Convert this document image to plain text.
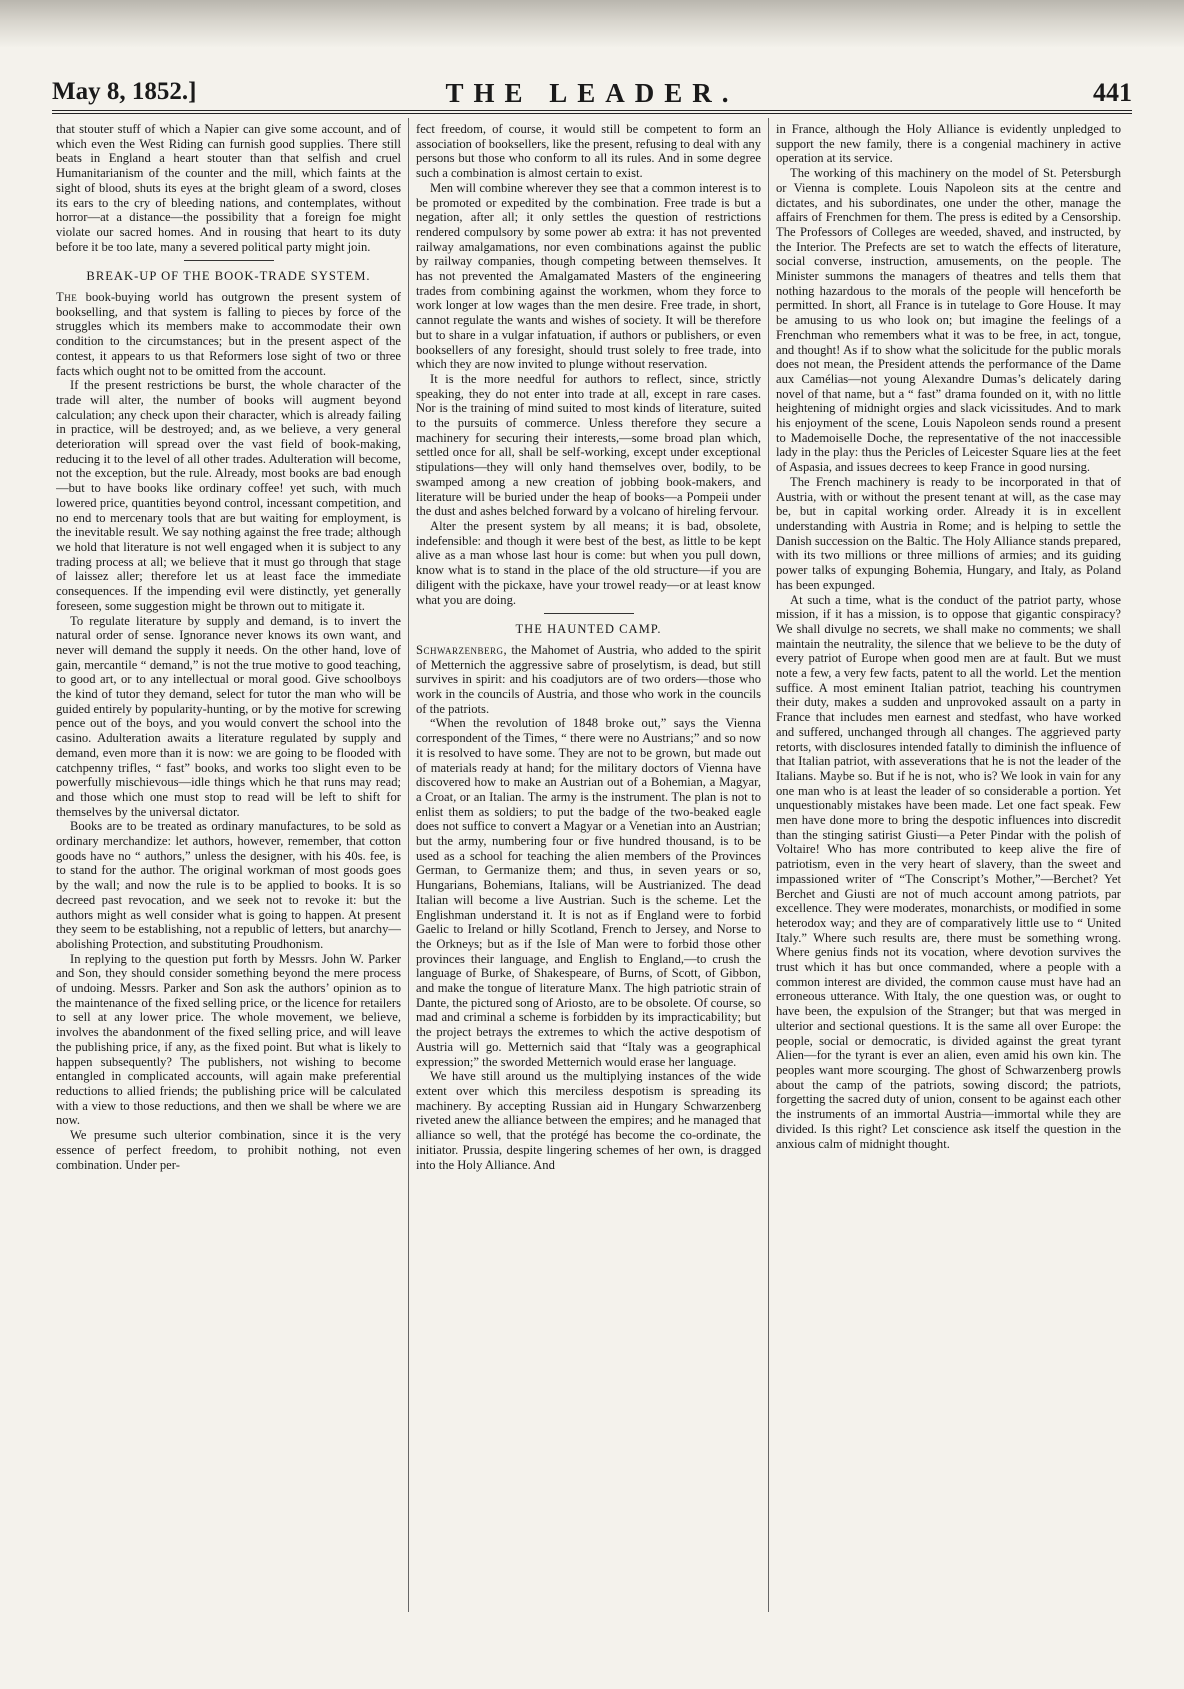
May 8, 1852.]	THE LEADER.	441

that stouter stuff of which a Napier can give some account, and of which even the West Riding can furnish good supplies. There still beats in England a heart stouter than that selfish and cruel Humanitarianism of the counter and the mill, which faints at the sight of blood, shuts its eyes at the bright gleam of a sword, closes its ears to the cry of bleeding nations, and contemplates, without horror—at a distance—the possibility that a foreign foe might violate our sacred homes. And in rousing that heart to its duty before it be too late, many a severed political party might join.

BREAK-UP OF THE BOOK-TRADE SYSTEM.

The book-buying world has outgrown the present system of bookselling, and that system is falling to pieces by force of the struggles which its members make to accommodate their own condition to the circumstances; but in the present aspect of the contest, it appears to us that Reformers lose sight of two or three facts which ought not to be omitted from the account.

If the present restrictions be burst, the whole character of the trade will alter, the number of books will augment beyond calculation; any check upon their character, which is already failing in practice, will be destroyed; and, as we believe, a very general deterioration will spread over the vast field of book-making, reducing it to the level of all other trades. Adulteration will become, not the exception, but the rule. Already, most books are bad enough—but to have books like ordinary coffee! yet such, with much lowered price, quantities beyond control, incessant competition, and no end to mercenary tools that are but waiting for employment, is the inevitable result. We say nothing against the free trade; although we hold that literature is not well engaged when it is subject to any trading process at all; we believe that it must go through that stage of laissez aller; therefore let us at least face the immediate consequences. If the impending evil were distinctly, yet generally foreseen, some suggestion might be thrown out to mitigate it.

To regulate literature by supply and demand, is to invert the natural order of sense. Ignorance never knows its own want, and never will demand the supply it needs. On the other hand, love of gain, mercantile “ demand,” is not the true motive to good teaching, to good art, or to any intellectual or moral good. Give schoolboys the kind of tutor they demand, select for tutor the man who will be guided entirely by popularity-hunting, or by the motive for screwing pence out of the boys, and you would convert the school into the casino. Adulteration awaits a literature regulated by supply and demand, even more than it is now: we are going to be flooded with catchpenny trifles, “ fast” books, and works too slight even to be powerfully mischievous—idle things which he that runs may read; and those which one must stop to read will be left to shift for themselves by the universal dictator.

Books are to be treated as ordinary manufactures, to be sold as ordinary merchandize: let authors, however, remember, that cotton goods have no “ authors,” unless the designer, with his 40s. fee, is to stand for the author. The original workman of most goods goes by the wall; and now the rule is to be applied to books. It is so decreed past revocation, and we seek not to revoke it: but the authors might as well consider what is going to happen. At present they seem to be establishing, not a republic of letters, but anarchy—abolishing Protection, and substituting Proudhonism.

In replying to the question put forth by Messrs. John W. Parker and Son, they should consider something beyond the mere process of undoing. Messrs. Parker and Son ask the authors’ opinion as to the maintenance of the fixed selling price, or the licence for retailers to sell at any lower price. The whole movement, we believe, involves the abandonment of the fixed selling price, and will leave the publishing price, if any, as the fixed point. But what is likely to happen subsequently? The publishers, not wishing to become entangled in complicated accounts, will again make preferential reductions to allied friends; the publishing price will be calculated with a view to those reductions, and then we shall be where we are now.

We presume such ulterior combination, since it is the very essence of perfect freedom, to prohibit nothing, not even combination. Under per-

fect freedom, of course, it would still be competent to form an association of booksellers, like the present, refusing to deal with any persons but those who conform to all its rules. And in some degree such a combination is almost certain to exist.

Men will combine wherever they see that a common interest is to be promoted or expedited by the combination. Free trade is but a negation, after all; it only settles the question of restrictions rendered compulsory by some power ab extra: it has not prevented railway amalgamations, nor even combinations against the public by railway companies, though competing between themselves. It has not prevented the Amalgamated Masters of the engineering trades from combining against the workmen, whom they force to work longer at low wages than the men desire. Free trade, in short, cannot regulate the wants and wishes of society. It will be therefore but to share in a vulgar infatuation, if authors or publishers, or even booksellers of any foresight, should trust solely to free trade, into which they are now invited to plunge without reservation.

It is the more needful for authors to reflect, since, strictly speaking, they do not enter into trade at all, except in rare cases. Nor is the training of mind suited to most kinds of literature, suited to the pursuits of commerce. Unless therefore they secure a machinery for securing their interests,—some broad plan which, settled once for all, shall be self-working, except under exceptional stipulations—they will only hand themselves over, bodily, to be swamped among a new creation of jobbing book-makers, and literature will be buried under the heap of books—a Pompeii under the dust and ashes belched forward by a volcano of hireling fervour.

Alter the present system by all means; it is bad, obsolete, indefensible: and though it were best of the best, as little to be kept alive as a man whose last hour is come: but when you pull down, know what is to stand in the place of the old structure—if you are diligent with the pickaxe, have your trowel ready—or at least know what you are doing.

THE HAUNTED CAMP.

Schwarzenberg, the Mahomet of Austria, who added to the spirit of Metternich the aggressive sabre of proselytism, is dead, but still survives in spirit: and his coadjutors are of two orders—those who work in the councils of Austria, and those who work in the councils of the patriots.

“When the revolution of 1848 broke out,” says the Vienna correspondent of the Times, “ there were no Austrians;” and so now it is resolved to have some. They are not to be grown, but made out of materials ready at hand; for the military doctors of Vienna have discovered how to make an Austrian out of a Bohemian, a Magyar, a Croat, or an Italian. The army is the instrument. The plan is not to enlist them as soldiers; to put the badge of the two-beaked eagle does not suffice to convert a Magyar or a Venetian into an Austrian; but the army, numbering four or five hundred thousand, is to be used as a school for teaching the alien members of the Provinces German, to Germanize them; and thus, in seven years or so, Hungarians, Bohemians, Italians, will be Austrianized. The dead Italian will become a live Austrian. Such is the scheme. Let the Englishman understand it. It is not as if England were to forbid Gaelic to Ireland or hilly Scotland, French to Jersey, and Norse to the Orkneys; but as if the Isle of Man were to forbid those other provinces their language, and English to England,—to crush the language of Burke, of Shakespeare, of Burns, of Scott, of Gibbon, and make the tongue of literature Manx. The high patriotic strain of Dante, the pictured song of Ariosto, are to be obsolete. Of course, so mad and criminal a scheme is forbidden by its impracticability; but the project betrays the extremes to which the active despotism of Austria will go. Metternich said that “Italy was a geographical expression;” the sworded Metternich would erase her language.

We have still around us the multiplying instances of the wide extent over which this merciless despotism is spreading its machinery. By accepting Russian aid in Hungary Schwarzenberg riveted anew the alliance between the empires; and he managed that alliance so well, that the protégé has become the co-ordinate, the initiator. Prussia, despite lingering schemes of her own, is dragged into the Holy Alliance. And

in France, although the Holy Alliance is evidently unpledged to support the new family, there is a congenial machinery in active operation at its service.

The working of this machinery on the model of St. Petersburgh or Vienna is complete. Louis Napoleon sits at the centre and dictates, and his subordinates, one under the other, manage the affairs of Frenchmen for them. The press is edited by a Censorship. The Professors of Colleges are weeded, shaved, and instructed, by the Interior. The Prefects are set to watch the effects of literature, social converse, instruction, amusements, on the people. The Minister summons the managers of theatres and tells them that nothing hazardous to the morals of the people will henceforth be permitted. In short, all France is in tutelage to Gore House. It may be amusing to us who look on; but imagine the feelings of a Frenchman who remembers what it was to be free, in act, tongue, and thought! As if to show what the solicitude for the public morals does not mean, the President attends the performance of the Dame aux Camélias—not young Alexandre Dumas’s delicately daring novel of that name, but a “ fast” drama founded on it, with no little heightening of midnight orgies and slack vicissitudes. And to mark his enjoyment of the scene, Louis Napoleon sends round a present to Mademoiselle Doche, the representative of the not inaccessible lady in the play: thus the Pericles of Leicester Square lies at the feet of Aspasia, and issues decrees to keep France in good nursing.

The French machinery is ready to be incorporated in that of Austria, with or without the present tenant at will, as the case may be, but in capital working order. Already it is in excellent understanding with Austria in Rome; and is helping to settle the Danish succession on the Baltic. The Holy Alliance stands prepared, with its two millions or three millions of armies; and its guiding power talks of expunging Bohemia, Hungary, and Italy, as Poland has been expunged.

At such a time, what is the conduct of the patriot party, whose mission, if it has a mission, is to oppose that gigantic conspiracy? We shall divulge no secrets, we shall make no comments; we shall maintain the neutrality, the silence that we believe to be the duty of every patriot of Europe when good men are at fault. But we must note a few, a very few facts, patent to all the world. Let the mention suffice. A most eminent Italian patriot, teaching his countrymen their duty, makes a sudden and unprovoked assault on a party in France that includes men earnest and stedfast, who have worked and suffered, unchanged through all changes. The aggrieved party retorts, with disclosures intended fatally to diminish the influence of that Italian patriot, with asseverations that he is not the leader of the Italians. Maybe so. But if he is not, who is? We look in vain for any one man who is at least the leader of so considerable a portion. Yet unquestionably mistakes have been made. Let one fact speak. Few men have done more to bring the despotic influences into discredit than the stinging satirist Giusti—a Peter Pindar with the polish of Voltaire! Who has more contributed to keep alive the fire of patriotism, even in the very heart of slavery, than the sweet and impassioned writer of “The Conscript’s Mother,”—Berchet? Yet Berchet and Giusti are not of much account among patriots, par excellence. They were moderates, monarchists, or modified in some heterodox way; and they are of comparatively little use to “ United Italy.” Where such results are, there must be something wrong. Where genius finds not its vocation, where devotion survives the trust which it has but once commanded, where a people with a common interest are divided, the common cause must have had an erroneous utterance. With Italy, the one question was, or ought to have been, the expulsion of the Stranger; but that was merged in ulterior and sectional questions. It is the same all over Europe: the people, social or democratic, is divided against the great tyrant Alien—for the tyrant is ever an alien, even amid his own kin. The peoples want more scourging. The ghost of Schwarzenberg prowls about the camp of the patriots, sowing discord; the patriots, forgetting the sacred duty of union, consent to be against each other the instruments of an immortal Austria—immortal while they are divided. Is this right? Let conscience ask itself the question in the anxious calm of midnight thought.
